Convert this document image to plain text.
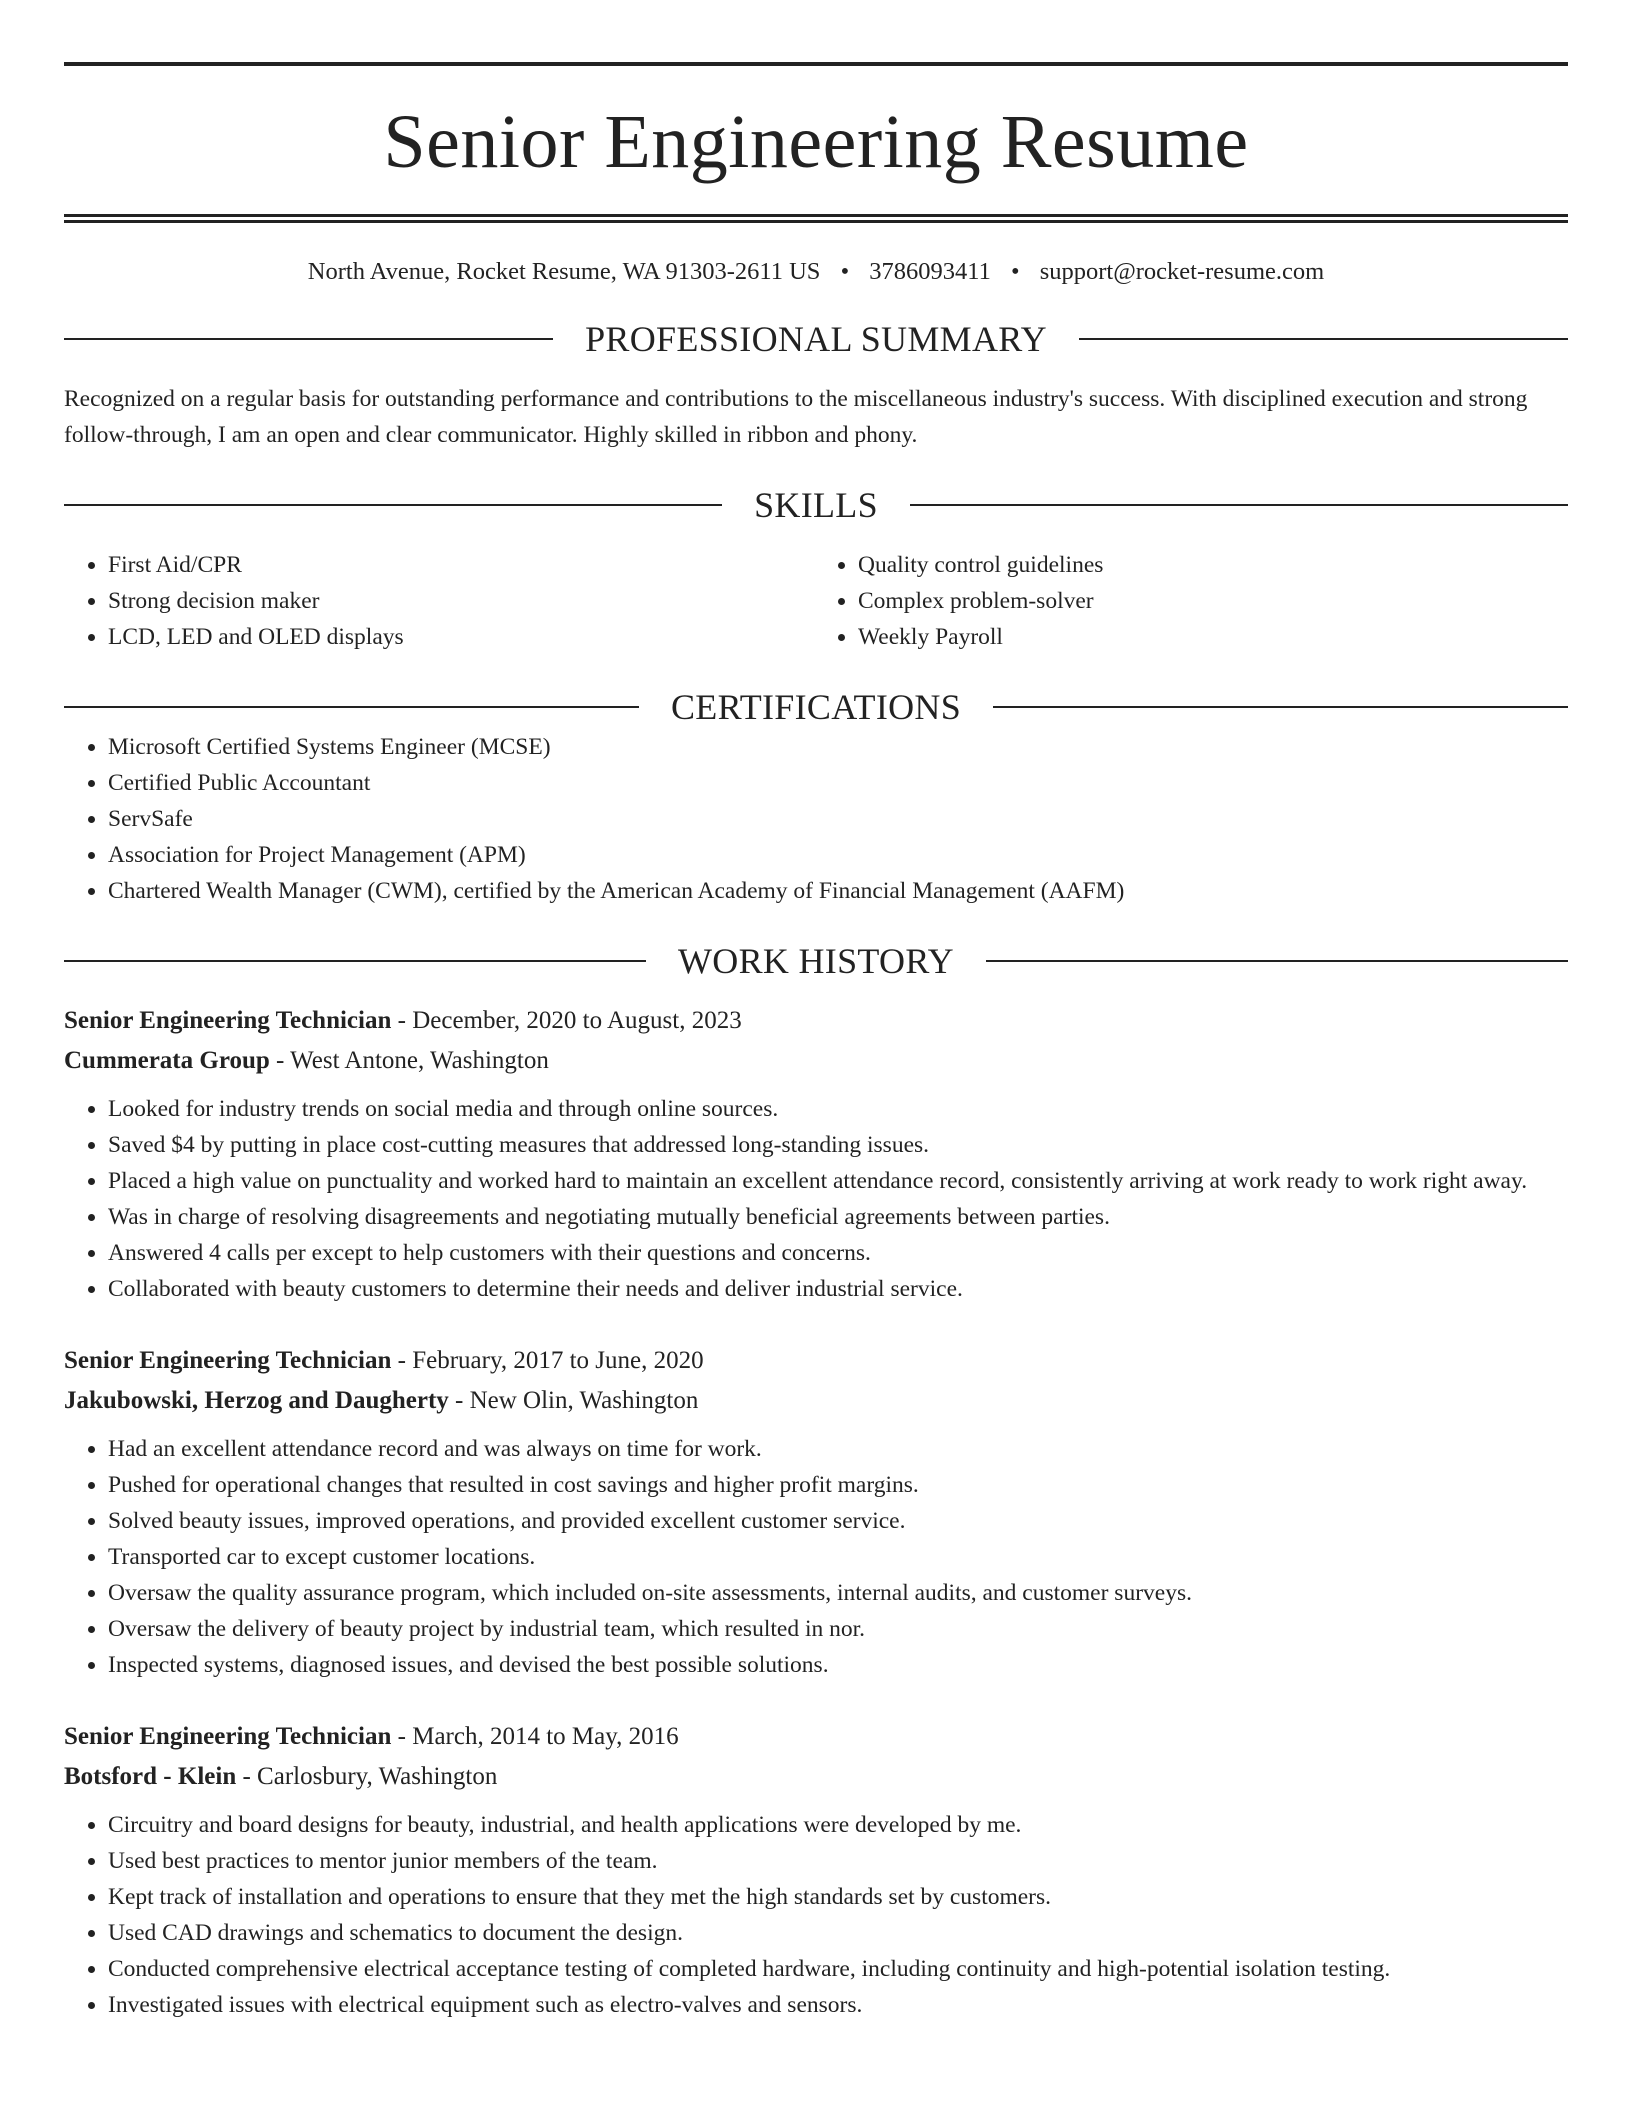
Senior Engineering Resume
North Avenue, Rocket Resume, WA 91303-2611 US • 3786093411 • support@rocket-resume.com
PROFESSIONAL SUMMARY

Recognized on a regular basis for outstanding performance and contributions to the miscellaneous industry's success. With disciplined execution and strong follow-through, I am an open and clear communicator. Highly skilled in ribbon and phony.

SKILLS
• First Aid/CPR
• Strong decision maker
• LCD, LED and OLED displays
• Quality control guidelines
• Complex problem-solver
• Weekly Payroll
CERTIFICATIONS
• Microsoft Certified Systems Engineer (MCSE)
• Certified Public Accountant
• ServSafe
• Association for Project Management (APM)
• Chartered Wealth Manager (CWM), certified by the American Academy of Financial Management (AAFM)
WORK HISTORY
Senior Engineering Technician - December, 2020 to August, 2023
Cummerata Group - West Antone, Washington
• Looked for industry trends on social media and through online sources.
• Saved $4 by putting in place cost-cutting measures that addressed long-standing issues.
• Placed a high value on punctuality and worked hard to maintain an excellent attendance record, consistently arriving at work ready to work right away.
• Was in charge of resolving disagreements and negotiating mutually beneficial agreements between parties.
• Answered 4 calls per except to help customers with their questions and concerns.
• Collaborated with beauty customers to determine their needs and deliver industrial service.
Senior Engineering Technician - February, 2017 to June, 2020
Jakubowski, Herzog and Daugherty - New Olin, Washington
• Had an excellent attendance record and was always on time for work.
• Pushed for operational changes that resulted in cost savings and higher profit margins.
• Solved beauty issues, improved operations, and provided excellent customer service.
• Transported car to except customer locations.
• Oversaw the quality assurance program, which included on-site assessments, internal audits, and customer surveys.
• Oversaw the delivery of beauty project by industrial team, which resulted in nor.
• Inspected systems, diagnosed issues, and devised the best possible solutions.
Senior Engineering Technician - March, 2014 to May, 2016
Botsford - Klein - Carlosbury, Washington
• Circuitry and board designs for beauty, industrial, and health applications were developed by me.
• Used best practices to mentor junior members of the team.
• Kept track of installation and operations to ensure that they met the high standards set by customers.
• Used CAD drawings and schematics to document the design.
• Conducted comprehensive electrical acceptance testing of completed hardware, including continuity and high-potential isolation testing.
• Investigated issues with electrical equipment such as electro-valves and sensors.
